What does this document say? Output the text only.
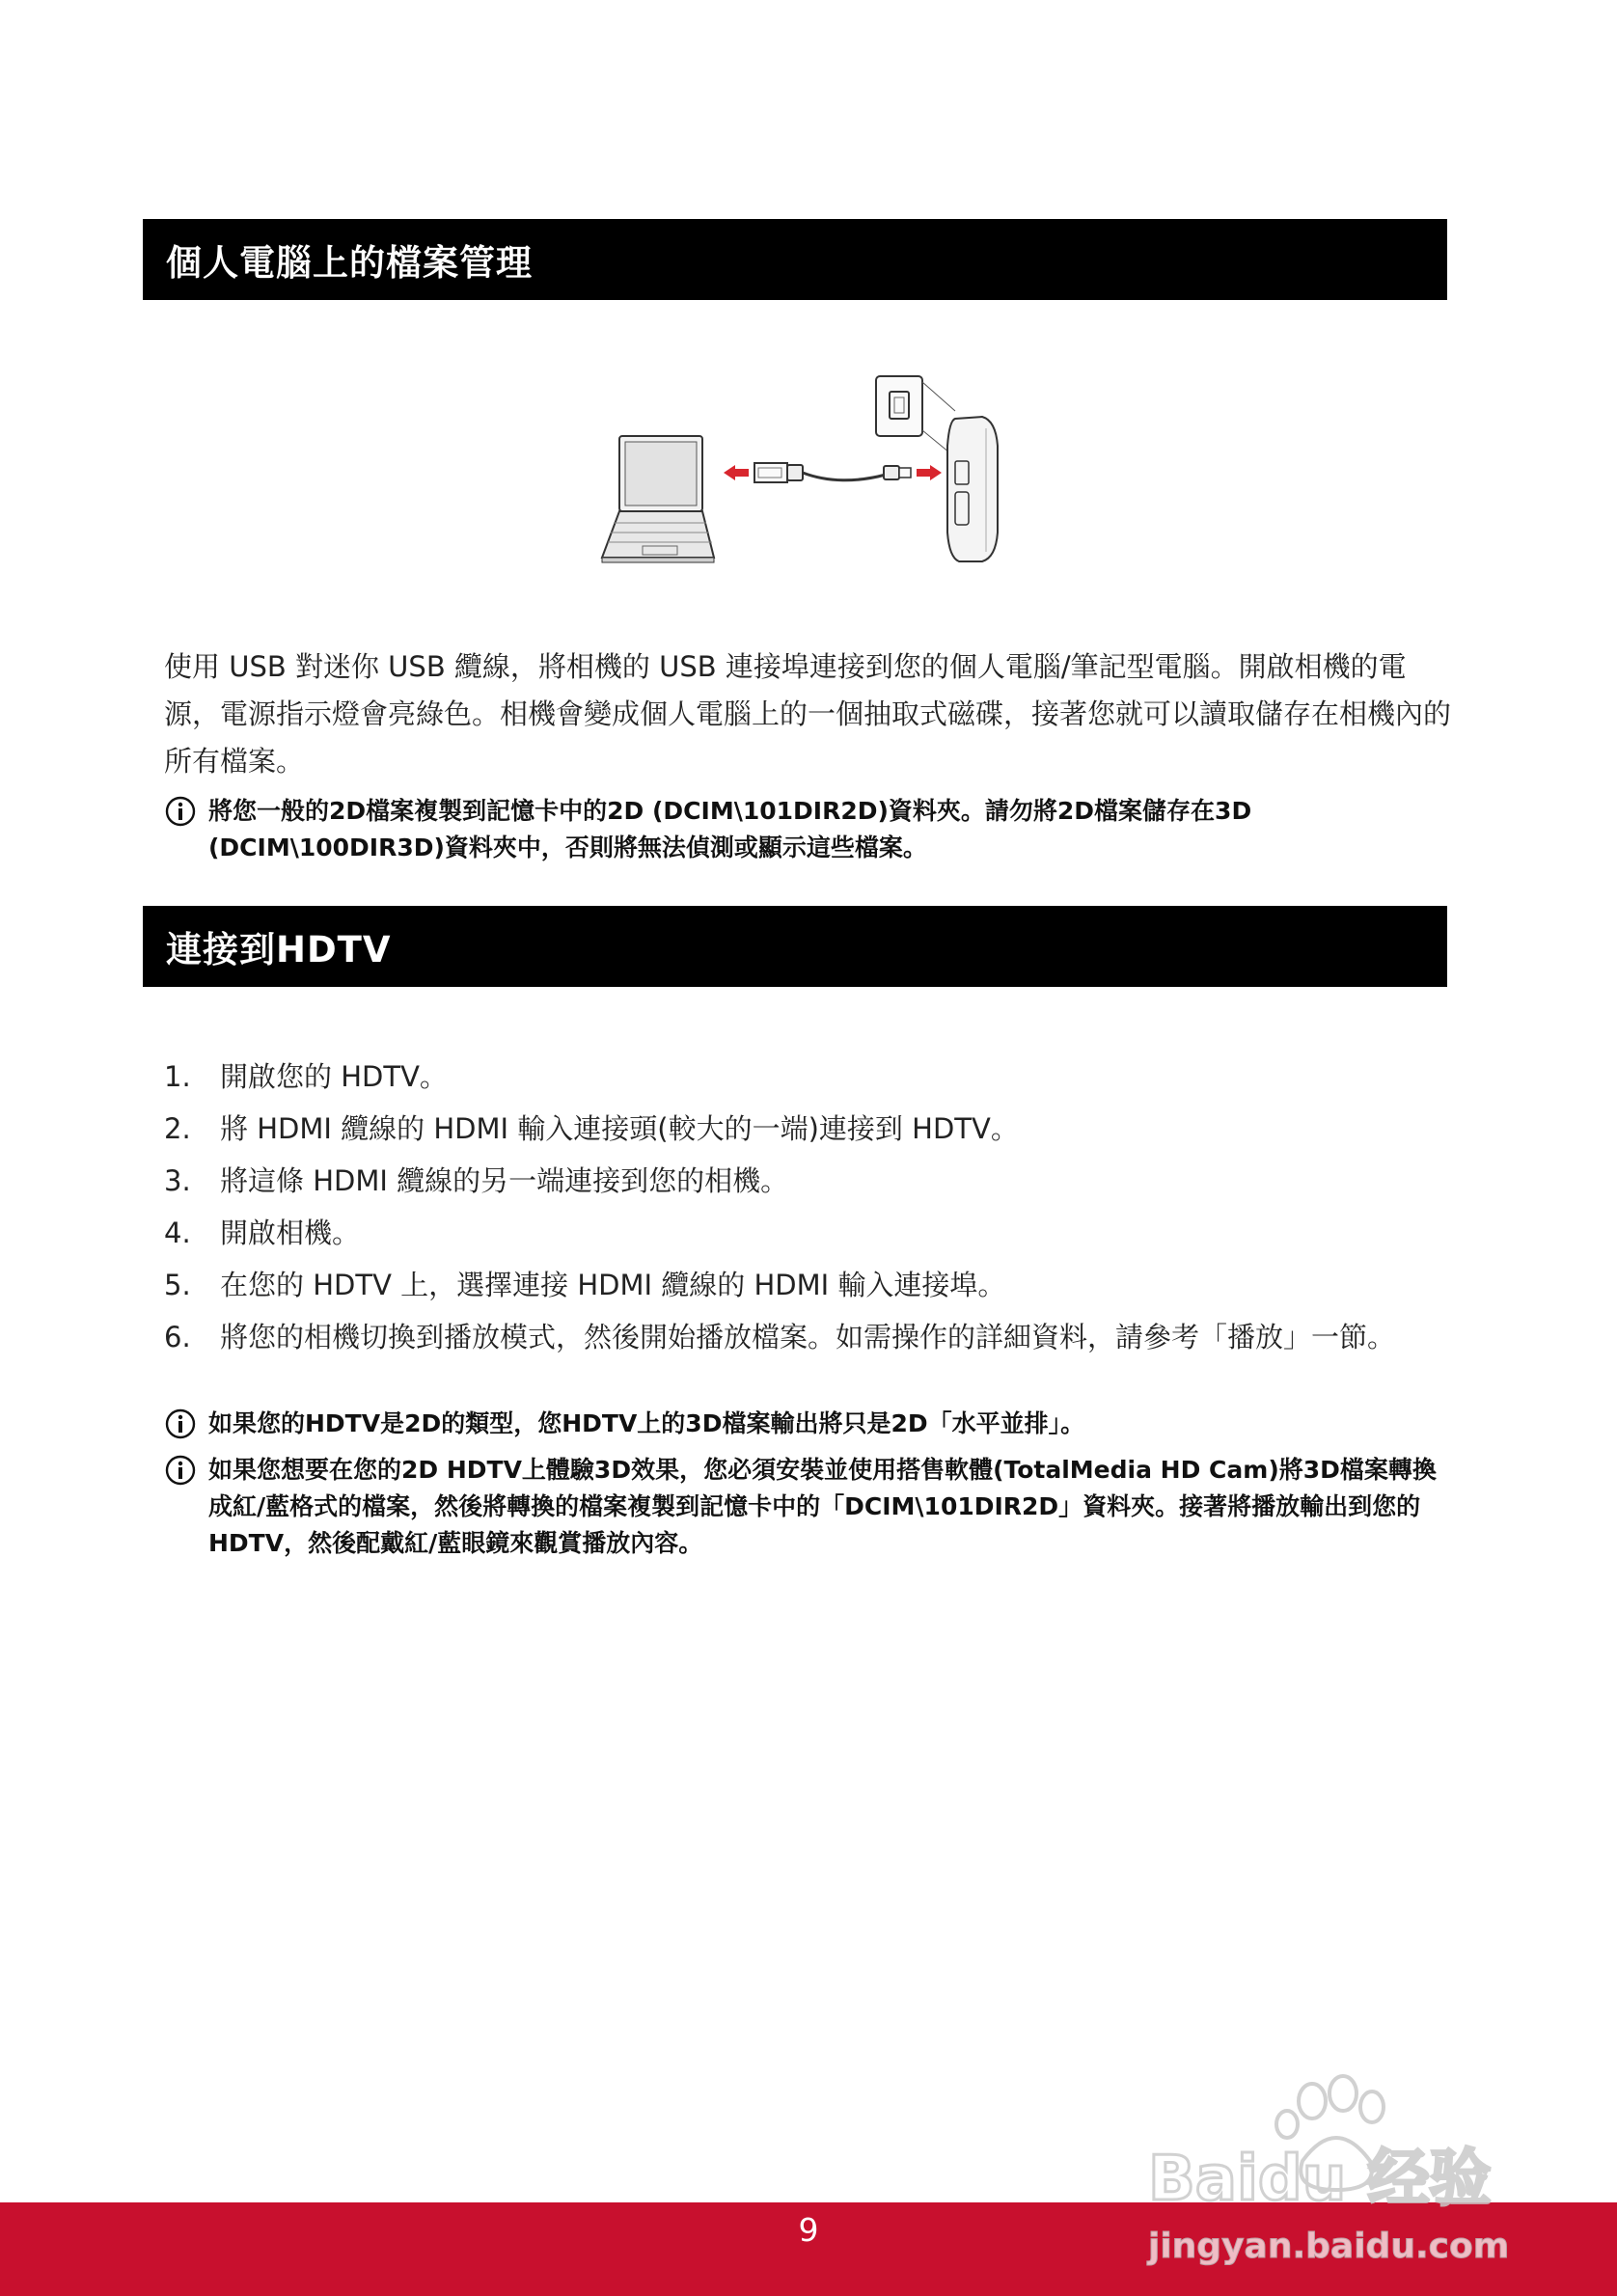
個人電腦上的檔案管理

使用 USB 對迷你 USB 纜線，將相機的 USB 連接埠連接到您的個人電腦/筆記型電腦。開啟相機的電源，電源指示燈會亮綠色。相機會變成個人電腦上的一個抽取式磁碟，接著您就可以讀取儲存在相機內的所有檔案。

將您一般的2D檔案複製到記憶卡中的2D (DCIM\101DIR2D)資料夾。請勿將2D檔案儲存在3D (DCIM\100DIR3D)資料夾中，否則將無法偵測或顯示這些檔案。

連接到HDTV
1.	開啟您的 HDTV。
2.	將 HDMI 纜線的 HDMI 輸入連接頭(較大的一端)連接到 HDTV。
3.	將這條 HDMI 纜線的另一端連接到您的相機。
4.	開啟相機。
5.	在您的 HDTV 上，選擇連接 HDMI 纜線的 HDMI 輸入連接埠。
6.	將您的相機切換到播放模式，然後開始播放檔案。如需操作的詳細資料，請參考「播放」一節。

如果您的HDTV是2D的類型，您HDTV上的3D檔案輸出將只是2D「水平並排」。

如果您想要在您的2D HDTV上體驗3D效果，您必須安裝並使用搭售軟體(TotalMedia HD Cam)將3D檔案轉換成紅/藍格式的檔案，然後將轉換的檔案複製到記憶卡中的「DCIM\101DIR2D」資料夾。接著將播放輸出到您的HDTV，然後配戴紅/藍眼鏡來觀賞播放內容。

9
Baidu 经验
jingyan.baidu.com
